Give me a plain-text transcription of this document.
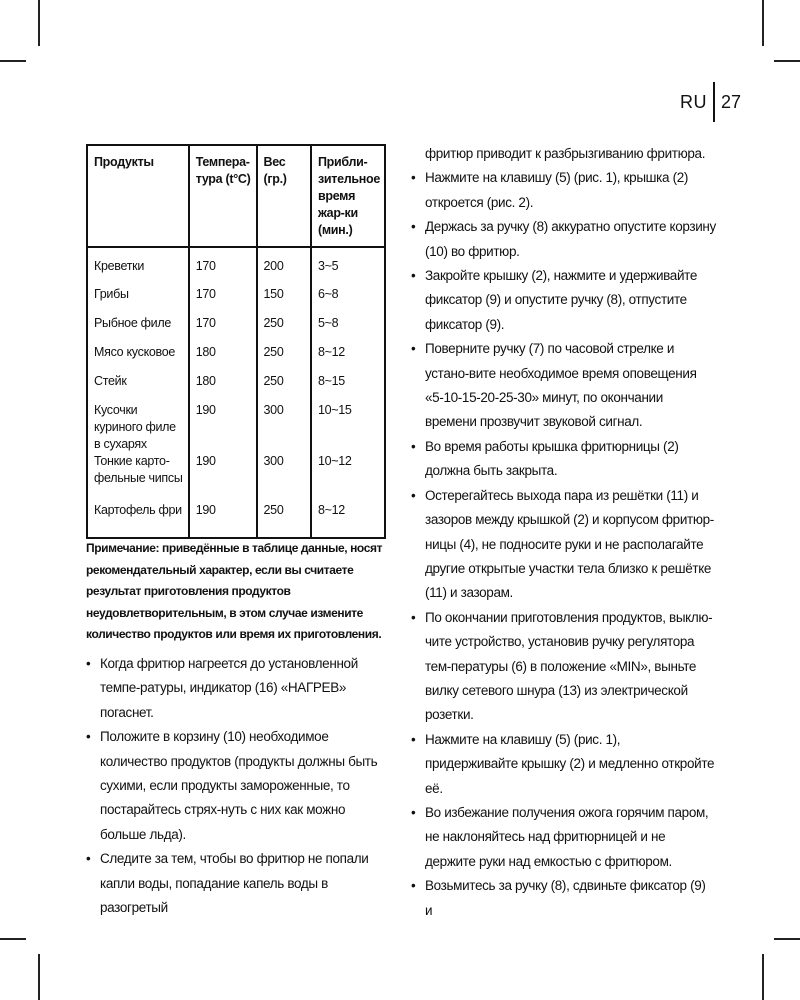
RU 27
Продукты	Темпера-тура (t°C)	Вес (гр.)	Прибли-зительное время жар-ки (мин.)
Креветки	170	200	3~5
Грибы	170	150	6~8
Рыбное филе	170	250	5~8
Мясо кусковое	180	250	8~12
Стейк	180	250	8~15
Кусочки куриного филе в сухарях	190	300	10~15
Тонкие карто-фельные чипсы	190	300	10~12
Картофель фри	190	250	8~12
Примечание: приведённые в таблице данные, носят рекомендательный характер, если вы считаете результат приготовления продуктов неудовлетворительным, в этом случае измените количество продуктов или время их приготовления.
• Когда фритюр нагреется до установленной темпе-ратуры, индикатор (16) «НАГРЕВ» погаснет.
• Положите в корзину (10) необходимое количество продуктов (продукты должны быть сухими, если продукты замороженные, то постарайтесь стрях-нуть с них как можно больше льда).
• Следите за тем, чтобы во фритюр не попали капли воды, попадание капель воды в разогретый
фритюр приводит к разбрызгиванию фритюра.
• Нажмите на клавишу (5) (рис. 1), крышка (2) откроется (рис. 2).
• Держась за ручку (8) аккуратно опустите корзину (10) во фритюр.
• Закройте крышку (2), нажмите и удерживайте фиксатор (9) и опустите ручку (8), отпустите фиксатор (9).
• Поверните ручку (7) по часовой стрелке и устано-вите необходимое время оповещения «5-10-15-20-25-30» минут, по окончании времени прозвучит звуковой сигнал.
• Во время работы крышка фритюрницы (2) должна быть закрыта.
• Остерегайтесь выхода пара из решётки (11) и зазоров между крышкой (2) и корпусом фритюр-ницы (4), не подносите руки и не располагайте другие открытые участки тела близко к решётке (11) и зазорам.
• По окончании приготовления продуктов, выклю-чите устройство, установив ручку регулятора тем-пературы (6) в положение «MIN», выньте вилку сетевого шнура (13) из электрической розетки.
• Нажмите на клавишу (5) (рис. 1), придерживайте крышку (2) и медленно откройте её.
• Во избежание получения ожога горячим паром, не наклоняйтесь над фритюрницей и не держите руки над емкостью с фритюром.
• Возьмитесь за ручку (8), сдвиньте фиксатор (9) и
